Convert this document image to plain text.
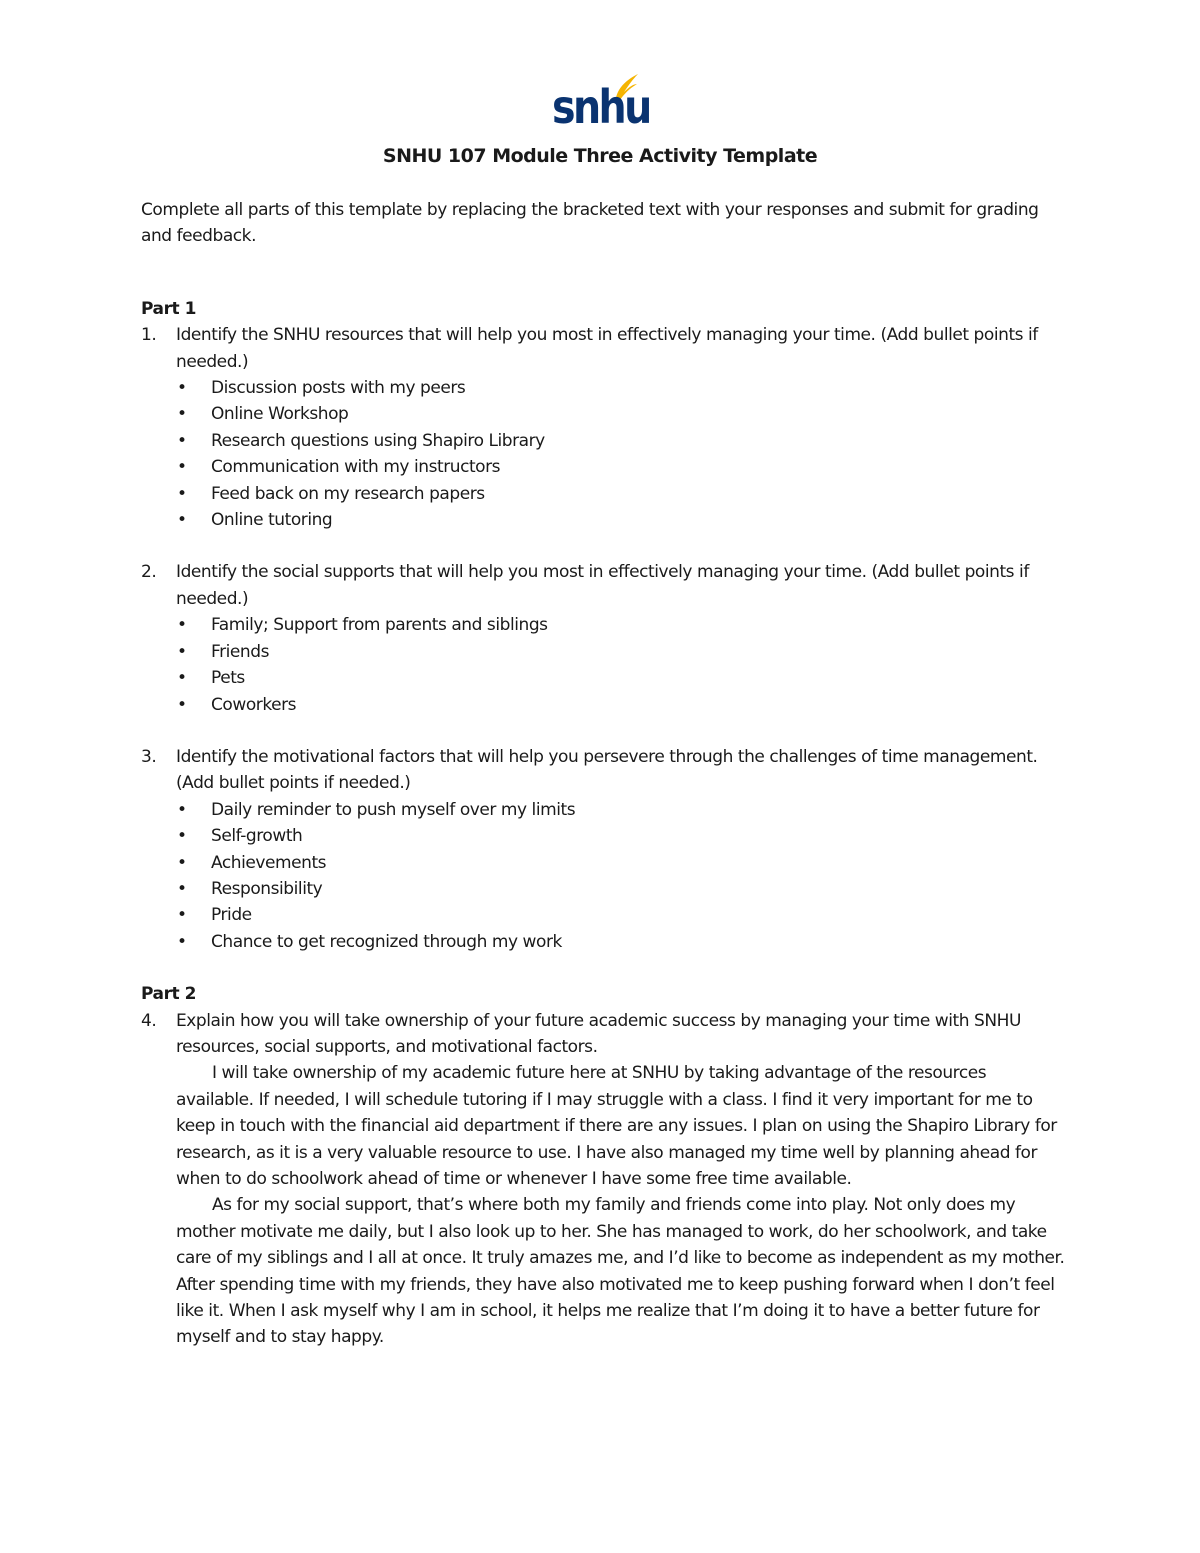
snhu
SNHU 107 Module Three Activity Template

Complete all parts of this template by replacing the bracketed text with your responses and submit for grading and feedback.

Part 1

1. Identify the SNHU resources that will help you most in effectively managing your time. (Add bullet points if needed.)
• Discussion posts with my peers
• Online Workshop
• Research questions using Shapiro Library
• Communication with my instructors
• Feed back on my research papers
• Online tutoring
2. Identify the social supports that will help you most in effectively managing your time. (Add bullet points if needed.)
• Family; Support from parents and siblings
• Friends
• Pets
• Coworkers
3. Identify the motivational factors that will help you persevere through the challenges of time management. (Add bullet points if needed.)
• Daily reminder to push myself over my limits
• Self-growth
• Achievements
• Responsibility
• Pride
• Chance to get recognized through my work

Part 2

4. Explain how you will take ownership of your future academic success by managing your time with SNHU resources, social supports, and motivational factors.

I will take ownership of my academic future here at SNHU by taking advantage of the resources available. If needed, I will schedule tutoring if I may struggle with a class. I find it very important for me to keep in touch with the financial aid department if there are any issues. I plan on using the Shapiro Library for research, as it is a very valuable resource to use. I have also managed my time well by planning ahead for when to do schoolwork ahead of time or whenever I have some free time available.

As for my social support, that’s where both my family and friends come into play. Not only does my mother motivate me daily, but I also look up to her. She has managed to work, do her schoolwork, and take care of my siblings and I all at once. It truly amazes me, and I’d like to become as independent as my mother. After spending time with my friends, they have also motivated me to keep pushing forward when I don’t feel like it. When I ask myself why I am in school, it helps me realize that I’m doing it to have a better future for myself and to stay happy.
